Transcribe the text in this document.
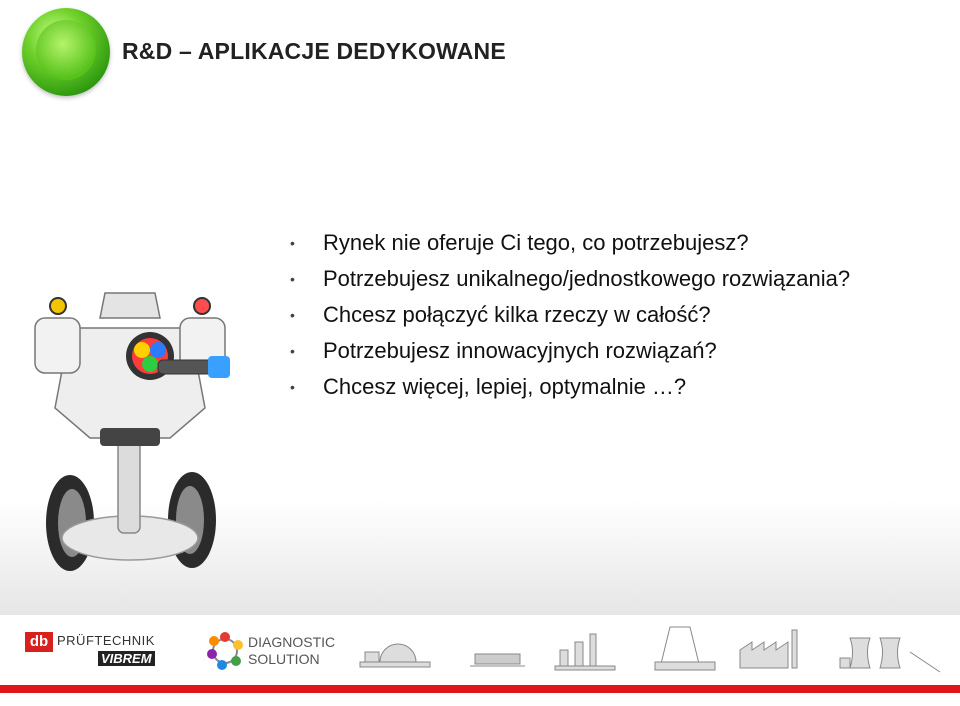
R&D – APLIKACJE DEDYKOWANE
• Rynek nie oferuje Ci tego, co potrzebujesz?
• Potrzebujesz unikalnego/jednostkowego rozwiązania?
• Chcesz połączyć kilka rzeczy w całość?
• Potrzebujesz innowacyjnych rozwiązań?
• Chcesz więcej, lepiej, optymalnie …?
db PRÜFTECHNIK
VIBREM
DIAGNOSTIC
SOLUTION
